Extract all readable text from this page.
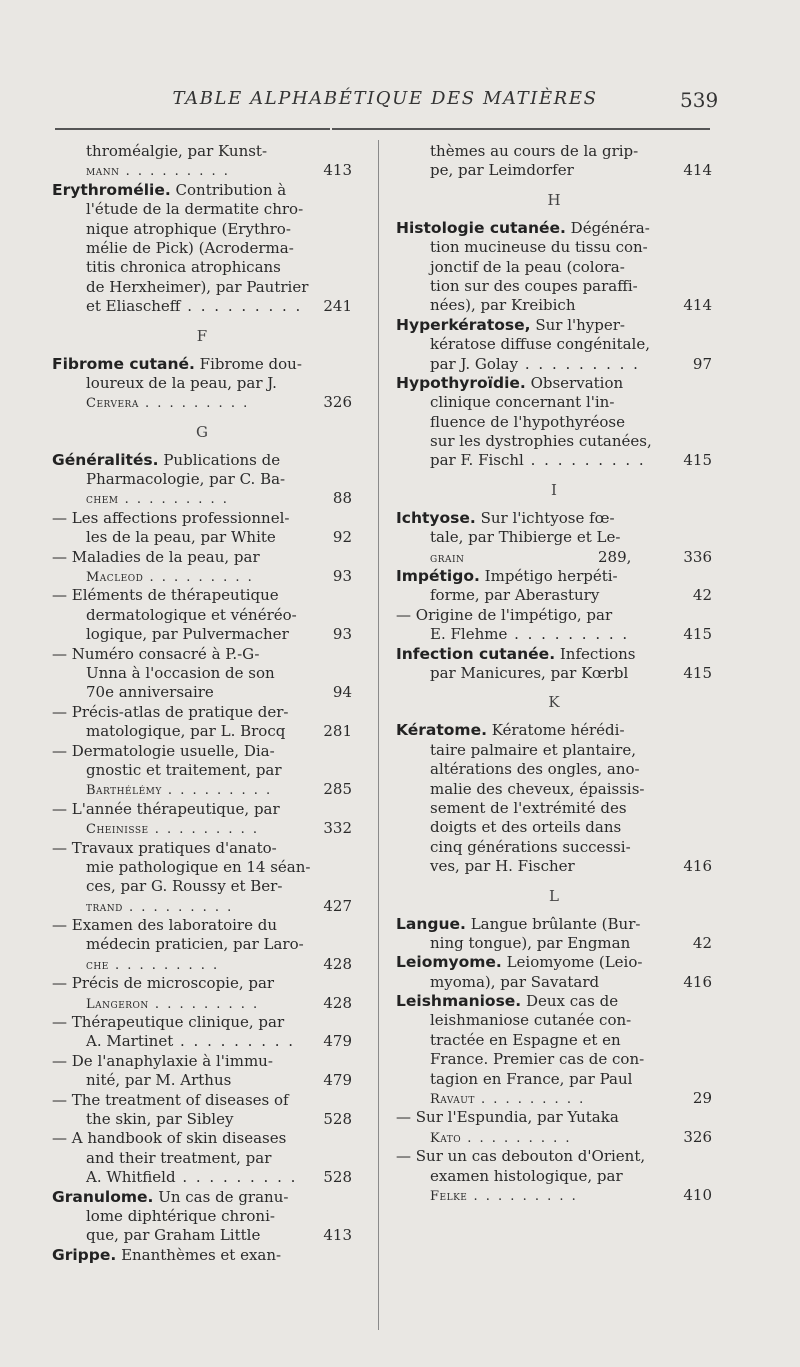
TABLE ALPHABÉTIQUE DES MATIÈRES	539
throméalgie, par Kunst-
mann . . .	413
Erythromélie. Contribution à
l'étude de la dermatite chro-
nique atrophique (Erythro-
mélie de Pick) (Acroderma-
titis chronica atrophicans
de Herxheimer), par Pautrier
et Eliascheff . . .	241
F
Fibrome cutané. Fibrome dou-
loureux de la peau, par J.
Cervera . . .	326
G
Généralités. Publications de
Pharmacologie, par C. Ba-
chem . . .	88
— Les affections professionnel-
les de la peau, par White	92
— Maladies de la peau, par
Macleod . . .	93
— Eléments de thérapeutique
dermatologique et vénéréo-
logique, par Pulvermacher	93
— Numéro consacré à P.-G-
Unna à l'occasion de son
70e anniversaire	94
— Précis-atlas de pratique der-
matologique, par L. Brocq	281
— Dermatologie usuelle, Dia-
gnostic et traitement, par
Barthélémy . . .	285
— L'année thérapeutique, par
Cheinisse . . .	332
— Travaux pratiques d'anato-
mie pathologique en 14 séan-
ces, par G. Roussy et Ber-
trand . . .	427
— Examen des laboratoire du
médecin praticien, par Laro-
che . . .	428
— Précis de microscopie, par
Langeron . . .	428
— Thérapeutique clinique, par
A. Martinet . . .	479
— De l'anaphylaxie à l'immu-
nité, par M. Arthus	479
— The treatment of diseases of
the skin, par Sibley	528
— A handbook of skin diseases
and their treatment, par
A. Whitfield . . .	528
Granulome. Un cas de granu-
lome diphtérique chroni-
que, par Graham Little	413
Grippe. Enanthèmes et exan-
thèmes au cours de la grip-
pe, par Leimdorfer	414
H
Histologie cutanée. Dégénéra-
tion mucineuse du tissu con-
jonctif de la peau (colora-
tion sur des coupes paraffi-
nées), par Kreibich	414
Hyperkératose, Sur l'hyper-
kératose diffuse congénitale,
par J. Golay . . .	97
Hypothyroïdie. Observation
clinique concernant l'in-
fluence de l'hypothyréose
sur les dystrophies cutanées,
par F. Fischl . . .	415
I
Ichtyose. Sur l'ichtyose fœ-
tale, par Thibierge et Le-
grain	289,	336
Impétigo. Impétigo herpéti-
forme, par Aberastury	42
— Origine de l'impétigo, par
E. Flehme . . .	415
Infection cutanée. Infections
par Manicures, par Kœrbl	415
K
Kératome. Kératome hérédi-
taire palmaire et plantaire,
altérations des ongles, ano-
malie des cheveux, épaissis-
sement de l'extrémité des
doigts et des orteils dans
cinq générations successi-
ves, par H. Fischer	416
L
Langue. Langue brûlante (Bur-
ning tongue), par Engman	42
Leiomyome. Leiomyome (Leio-
myoma), par Savatard	416
Leishmaniose. Deux cas de
leishmaniose cutanée con-
tractée en Espagne et en
France. Premier cas de con-
tagion en France, par Paul
Ravaut . . .	29
— Sur l'Espundia, par Yutaka
Kato . . .	326
— Sur un cas debouton d'Orient,
examen histologique, par
Felke . . .	410
